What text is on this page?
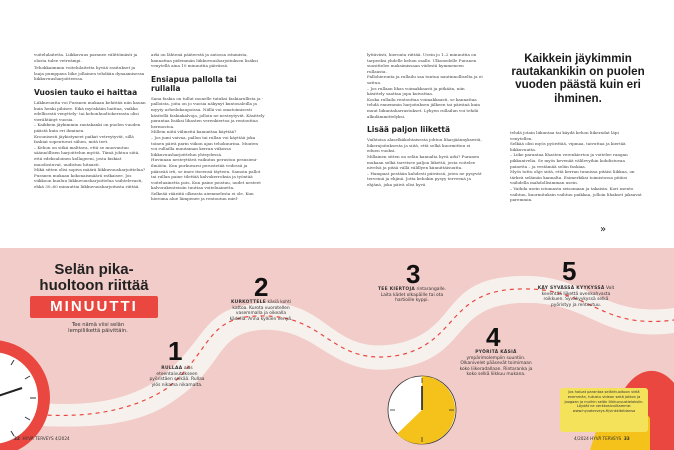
voitelulaitetta. Liikkuvuus paranee välittömästi ja olosta tulee vetreämpi.

Tehokkaimmin voitelulaitetta hyvää rasitukset ja laaja pumppaus liike jollainen tehdään dynaamisessa liikkuvuusharjoitteessa.

Vuosien tauko ei haittaa

Liikkuvuutta voi Puranen mukaan kehittää niin kauan kuin henki pihisee. Eikä myöskään haittaa, vaikka edellisestä venyttely- tai kehonhuoltokerrasta olisi vierähtänyt vuosia.

– Kaikkein jäykimmin rautakanki on puolen vuoden päästä kuin eri ihminen.

Kroonisesti jäykistyneet paikat vetreytyvät, sillä faskiat sopeutuvat siihen, mitä teet.

– Kehon on sitkä malttava, että se muovautuu säännöllisen harjoittelun myötä. Tämä johtuu siitä, että edeksuloinen kollageeni, josta faskiat muodostuvat, uudistuu hitaasti.

Mikä sitten olisi sopiva määrä liikkuvuusharjoittelua? Puranen mukaan kokonaismäärä ratkaisee. Jos viikkoon kuuluu liikkuvuusharjoittelua vaihtelevasti, ehkä 30–60 minuuttia liikkuvuusharjoitusta riittää.

arki on lähtenä pääteestä ja autossa istumista, kannattaa pidemmän liikkuvuusharjoituksen lisäksi venytellä aina 10 minuuttia päivässä.

Ensiapua pallolla tai rullalla

Sana faskia on tullut monelle tutuksi faskiarullista ja -palloista, joita on jo vuosia näkynyt kuntosaleilla ja myyty urheilukaupoissa. Niillä voi omatoimisesti käsitellä faskiakalvoja, jolloin ne nesteytyvät. Käsittely parantaa lisäksi lihasten verenkiertoa ja rentouttaa hermostoa.

Millein niitä välineitä kannattaa käyttää?

– Jos jumi vaivaa, pallon tai rullan voi käyttää joka toinen päivä parin viikon ajan tehokuurina. Muuten voi rullailla muutaman kerran viikossa liikkuvuusharjoittelun yhteydessä.

Huvinnan nesteyttävä vaikutus perustuu pesusieni-ilmiöön. Kun purkuvarsi perustetää vedessä ja pääseää irti, se imee itseensä täyteen. Samoin pallot tai rullan paine tilettää kalvokerroksia ja työntää voiteluainetta pois. Kun paine poistuu, uudet nesteet kalvorakenteisiin tuuttaa voiteluainetta.

Selkeää rääriitä olkeasta aiemmelesta ei ole. Kun hieroma alue lämpenee ja rentoutuu miel-

lyttävästi, hieronta riittää. Usein jo 1–2 minuuttia on tarpeeksi yhdelle kehon osalle. Ulkonedelle Puranen suosittelee maksimissaan viidestä kymmeneen rullausta.

Pallohieronta ja rullailu saa tuntua nautinnolliselta ja ei sattua.

– Jos rullaan lihas voimakkaasti ja pitkään, niin käsittely saattaa jopa kuivattaa.

Koska rullailu rentouttaa voimakkaasti, se kannattaa tehdä ennemmin harjoituksen jälkeen tai päivänä kuin muut liikuntaharrastukset. Lyhyen rullailun voi tehdä alkulämmittelyksi.

Lisää paljon liikettä

Vaihtoisa alaselkäkohtaisesta johtuu lihasjäännyksestä, liikerajoituksesta ja siitä, että selkä kuormittuu ei eduen vuoksi.

Millainen sitten on selän kannalta hyvä arki? Puranen mukaan selkä tarvitsee paljon liikettä, josta voitelee nivelsä ja pitää vällä välillyen kiinnittäisuutta.

– Hampaat pestään kahdesti päivässä, joten ne pysyvät terveinä ja ehjinä. Jotta kehokin pysyy terveenä ja ehjänä, joka päivä olisi hyvä

Kaikkein jäykimmin rautakankikin on puolen vuoden päästä kuin eri ihminen.

tehdä jotain liikuntaa tai käydä kehon liikeradat läpi venytellen.

Selkää olisi myös pyörittää, vipmaa, taivuttaa ja kiertää liikkuvuutta.

– Liike parantaa lihasten verenkiertoa ja voitelee rangan pikkunivelia. Se myös kevenää välilevyihin kohdistuvaa painetta – ja vestämää selän faskiaa.

Myös tuttu ohje siitä, että kerran tunnissa pitäisi liikkua, on tärkeä selämän kannalta. Esimerkiksi toimistossa pitäisi vaihdella mahdollisimman usein.

– Vaihda usein istumasta seisomaan ja takaisin. Kori asento vaihtuu, kuormituksin vaihtuu paikkaa, jolloin lihakset jaksavat paremmin.

»
Selän pikahuoltoon riittää
MINUUTTI
Tee nämä viisi selän lempiliikettä päivittäin.
1
RULLAA alas eteentaivutukseen pyöristäen selkää. Rullaa ylös nikama nikamalta.
2
KURKOTTELE käsiä kohti kattoa. Kurota vuorotellen vasemmalla ja oikealla kädellä. Anna kylkien venyä.
3
TEE KIERTOJA rintarangalle. Laita kädet olkapäille tai ota hartioille kyppi.
4
PYÖRITÄ KÄSIÄ ympärimolempiin suuntiin. Olkanivelet pääsevät toimimaan koko liikeradallaan. Rintaranka ja koko selkä liikkuu mukana.
5
KÄY SYVÄSSÄ KYYKYSSÄ Voit keventää liikettä ovenkahvasta roikkuen. Syväkyykyssä selkä pyöristyy ja rentoutuu.
Jos haluat parantaa selänhuoltoon vielä enemmän, tutustu videon sekä jatkon ja joogaan ja muihin selän liikkuvuustieloksiin. Löydät ne verkkosivuiltamme: www.hyvaterveys.fi/vinkkiteldansa
32 HYVÄ TERVEYS 4/2024	4/2024 HYVÄ TERVEYS 33
